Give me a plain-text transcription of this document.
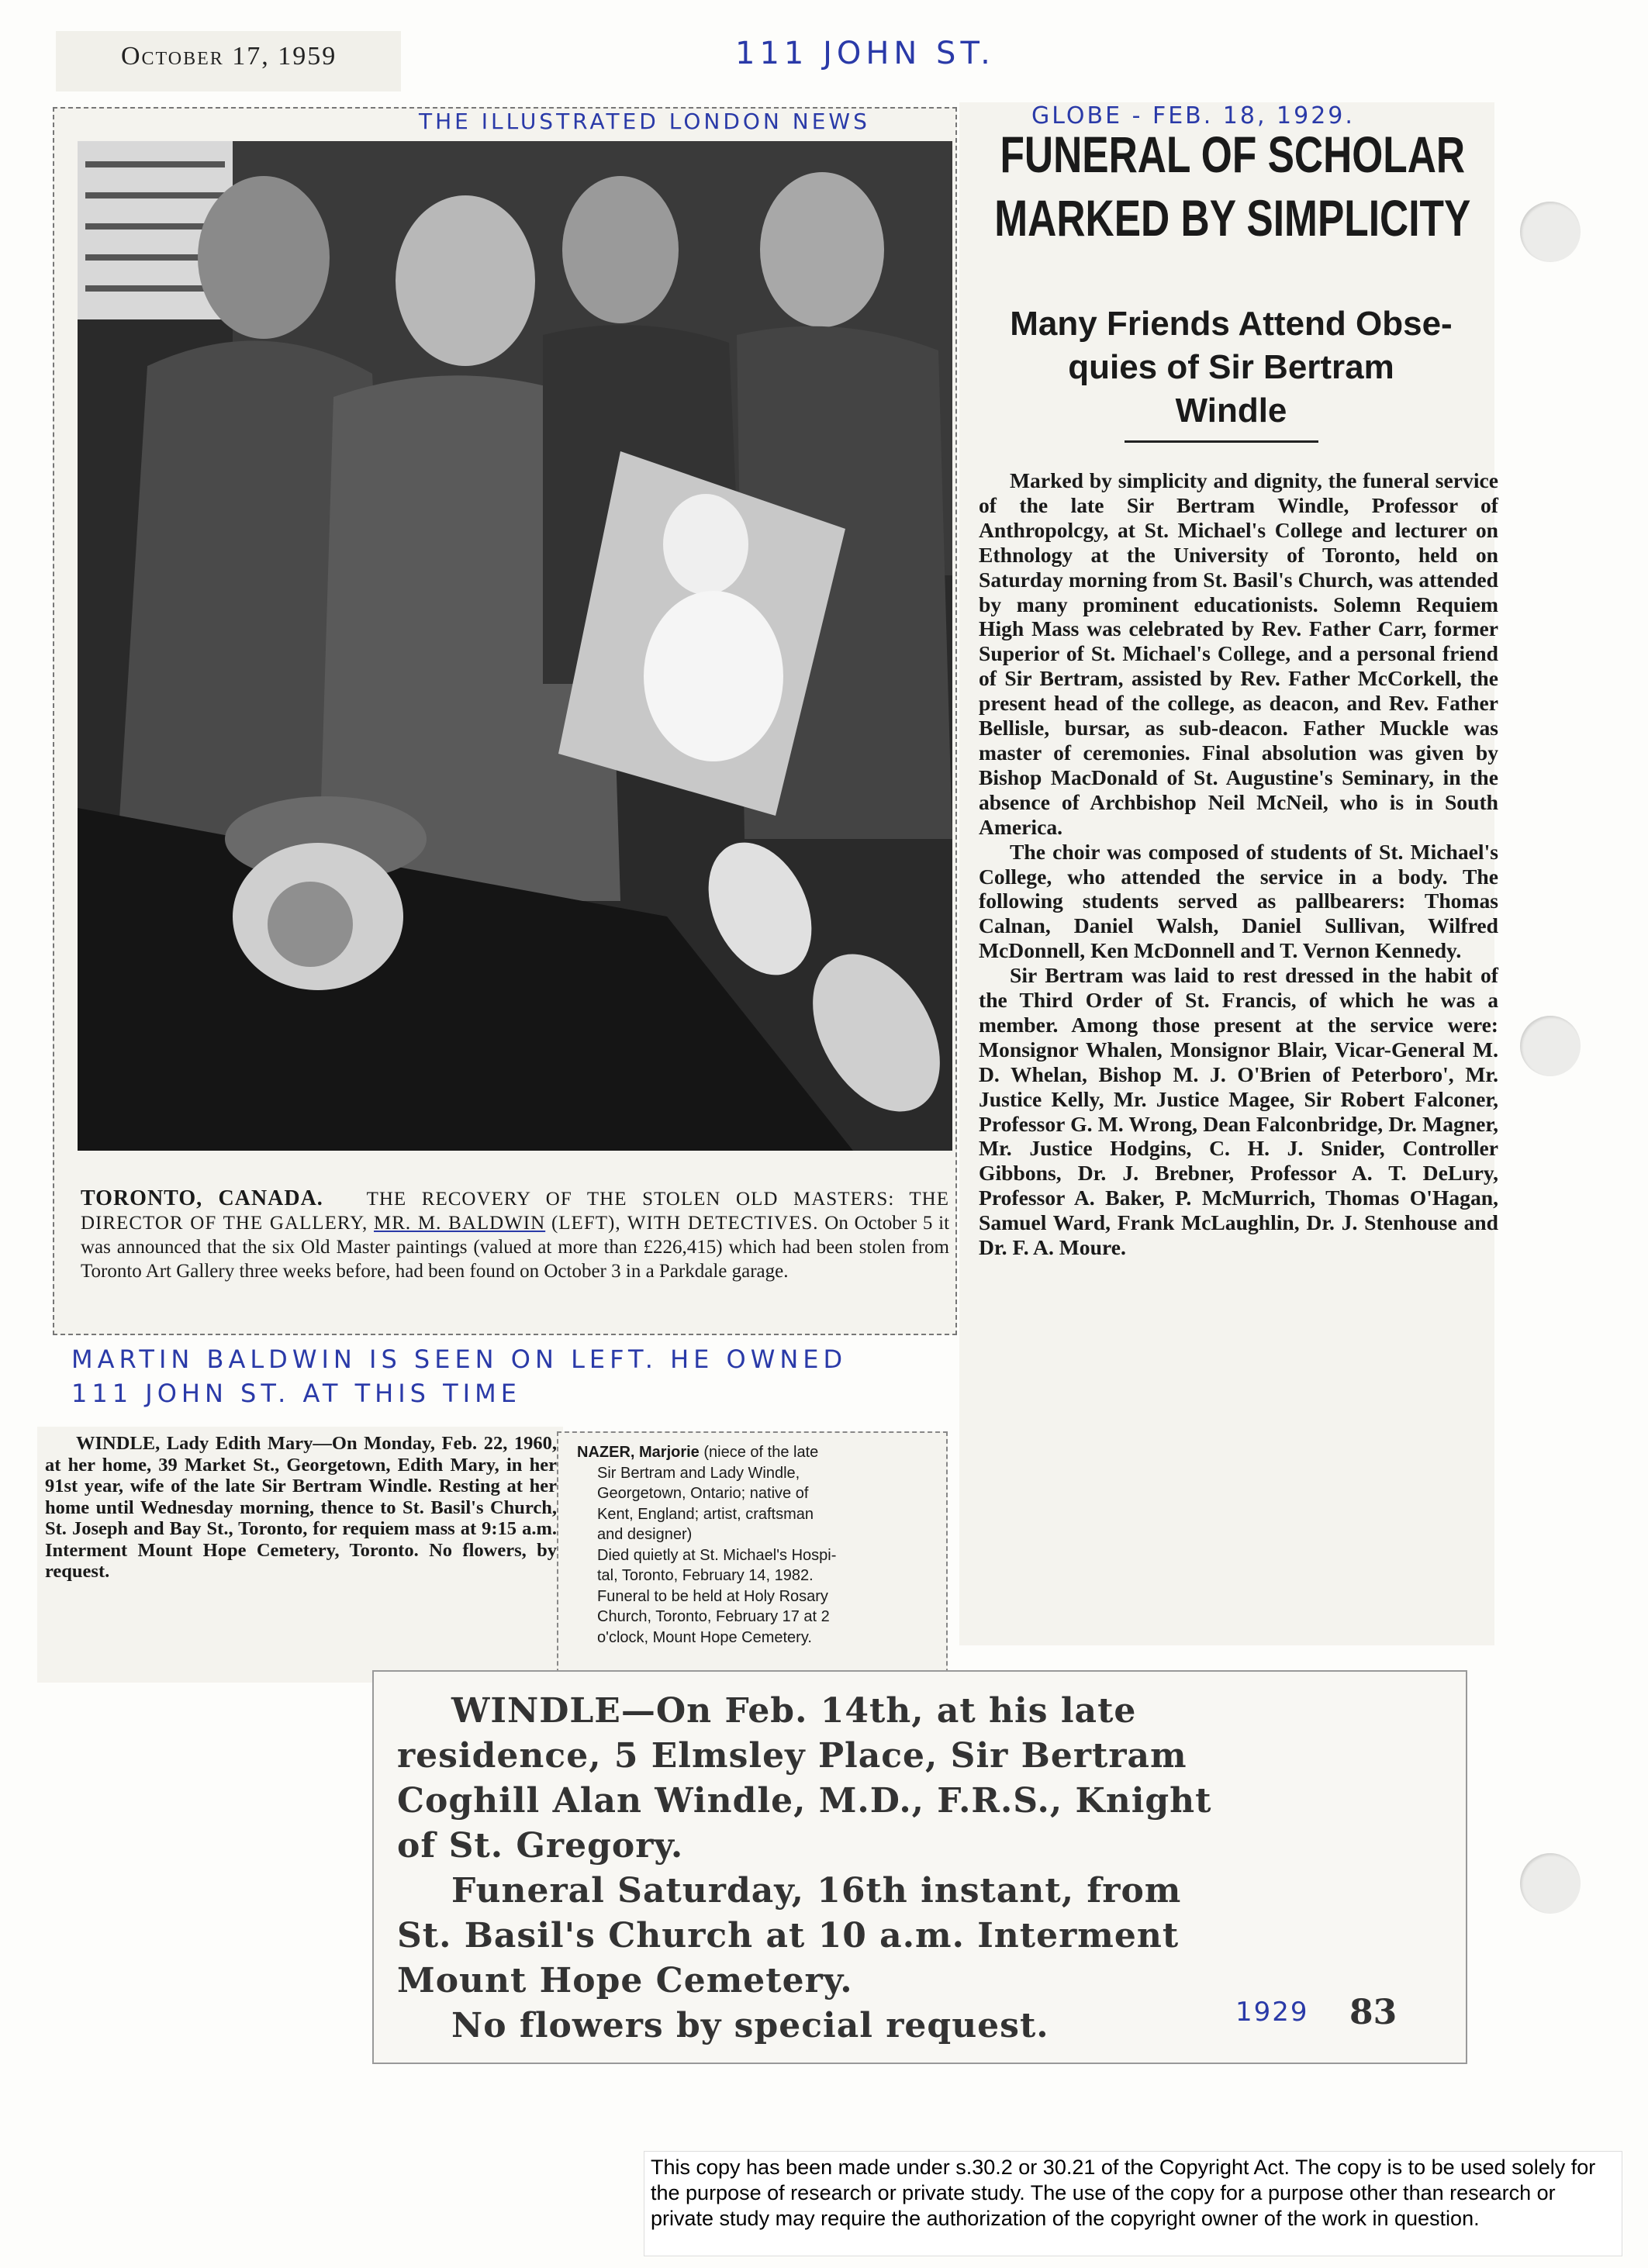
October 17, 1959	111 JOHN ST.
THE ILLUSTRATED LONDON NEWS
TORONTO, CANADA. THE RECOVERY OF THE STOLEN OLD MASTERS: THE DIRECTOR OF THE GALLERY, MR. M. BALDWIN (LEFT), WITH DETECTIVES. On October 5 it was announced that the six Old Master paintings (valued at more than £226,415) which had been stolen from Toronto Art Gallery three weeks before, had been found on October 3 in a Parkdale garage.
MARTIN BALDWIN IS SEEN ON LEFT. HE OWNED
111 JOHN ST. AT THIS TIME
GLOBE - FEB. 18, 1929.
FUNERAL OF SCHOLAR
MARKED BY SIMPLICITY
Many Friends Attend Obse-
quies of Sir Bertram
Windle

Marked by simplicity and dignity, the funeral service of the late Sir Bertram Windle, Professor of Anthropolcgy, at St. Michael's College and lecturer on Ethnology at the University of Toronto, held on Saturday morning from St. Basil's Church, was attended by many prominent educationists. Solemn Requiem High Mass was celebrated by Rev. Father Carr, former Superior of St. Michael's College, and a personal friend of Sir Bertram, assisted by Rev. Father McCorkell, the present head of the college, as deacon, and Rev. Father Bellisle, bursar, as sub-deacon. Father Muckle was master of ceremonies. Final absolution was given by Bishop MacDonald of St. Augustine's Seminary, in the absence of Archbishop Neil McNeil, who is in South America.

The choir was composed of students of St. Michael's College, who attended the service in a body. The following students served as pallbearers: Thomas Calnan, Daniel Walsh, Daniel Sullivan, Wilfred McDonnell, Ken McDonnell and T. Vernon Kennedy.

Sir Bertram was laid to rest dressed in the habit of the Third Order of St. Francis, of which he was a member. Among those present at the service were: Monsignor Whalen, Monsignor Blair, Vicar-General M. D. Whelan, Bishop M. J. O'Brien of Peterboro', Mr. Justice Kelly, Mr. Justice Magee, Sir Robert Falconer, Professor G. M. Wrong, Dean Falconbridge, Dr. Magner, Mr. Justice Hodgins, C. H. J. Snider, Controller Gibbons, Dr. J. Brebner, Professor A. T. DeLury, Professor A. Baker, P. McMurrich, Thomas O'Hagan, Samuel Ward, Frank McLaughlin, Dr. J. Stenhouse and Dr. F. A. Moure.

WINDLE, Lady Edith Mary—On Monday, Feb. 22, 1960, at her home, 39 Market St., Georgetown, Edith Mary, in her 91st year, wife of the late Sir Bertram Windle. Resting at her home until Wednesday morning, thence to St. Basil's Church, St. Joseph and Bay St., Toronto, for requiem mass at 9:15 a.m. Interment Mount Hope Cemetery, Toronto. No flowers, by request.
NAZER, Marjorie (niece of the late
Sir Bertram and Lady Windle,
Georgetown, Ontario; native of
Kent, England; artist, craftsman
and designer)
Died quietly at St. Michael's Hospi-
tal, Toronto, February 14, 1982.
Funeral to be held at Holy Rosary
Church, Toronto, February 17 at 2
o'clock, Mount Hope Cemetery.
WINDLE—On Feb. 14th, at his late
residence, 5 Elmsley Place, Sir Bertram
Coghill Alan Windle, M.D., F.R.S., Knight
of St. Gregory.
Funeral Saturday, 16th instant, from
St. Basil's Church at 10 a.m. Interment
Mount Hope Cemetery.
No flowers by special request.	1929 83
This copy has been made under s.30.2 or 30.21 of the Copyright Act. The copy is to be used solely for the purpose of research or private study. The use of the copy for a purpose other than research or private study may require the authorization of the copyright owner of the work in question.
